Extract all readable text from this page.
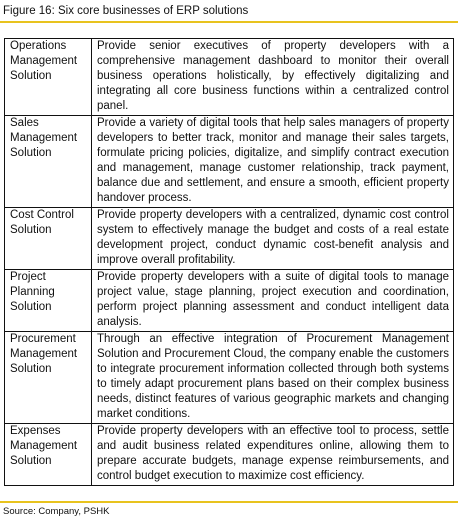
Figure 16: Six core businesses of ERP solutions
Operations Management Solution	Provide senior executives of property developers with a comprehensive management dashboard to monitor their overall business operations holistically, by effectively digitalizing and integrating all core business functions within a centralized control panel.
Sales Management Solution	Provide a variety of digital tools that help sales managers of property developers to better track, monitor and manage their sales targets, formulate pricing policies, digitalize, and simplify contract execution and management, manage customer relationship, track payment, balance due and settlement, and ensure a smooth, efficient property handover process.
Cost Control Solution	Provide property developers with a centralized, dynamic cost control system to effectively manage the budget and costs of a real estate development project, conduct dynamic cost-benefit analysis and improve overall profitability.
Project Planning Solution	Provide property developers with a suite of digital tools to manage project value, stage planning, project execution and coordination, perform project planning assessment and conduct intelligent data analysis.
Procurement Management Solution	Through an effective integration of Procurement Management Solution and Procurement Cloud, the company enable the customers to integrate procurement information collected through both systems to timely adapt procurement plans based on their complex business needs, distinct features of various geographic markets and changing market conditions.
Expenses Management Solution	Provide property developers with an effective tool to process, settle and audit business related expenditures online, allowing them to prepare accurate budgets, manage expense reimbursements, and control budget execution to maximize cost efficiency.
Source: Company, PSHK
